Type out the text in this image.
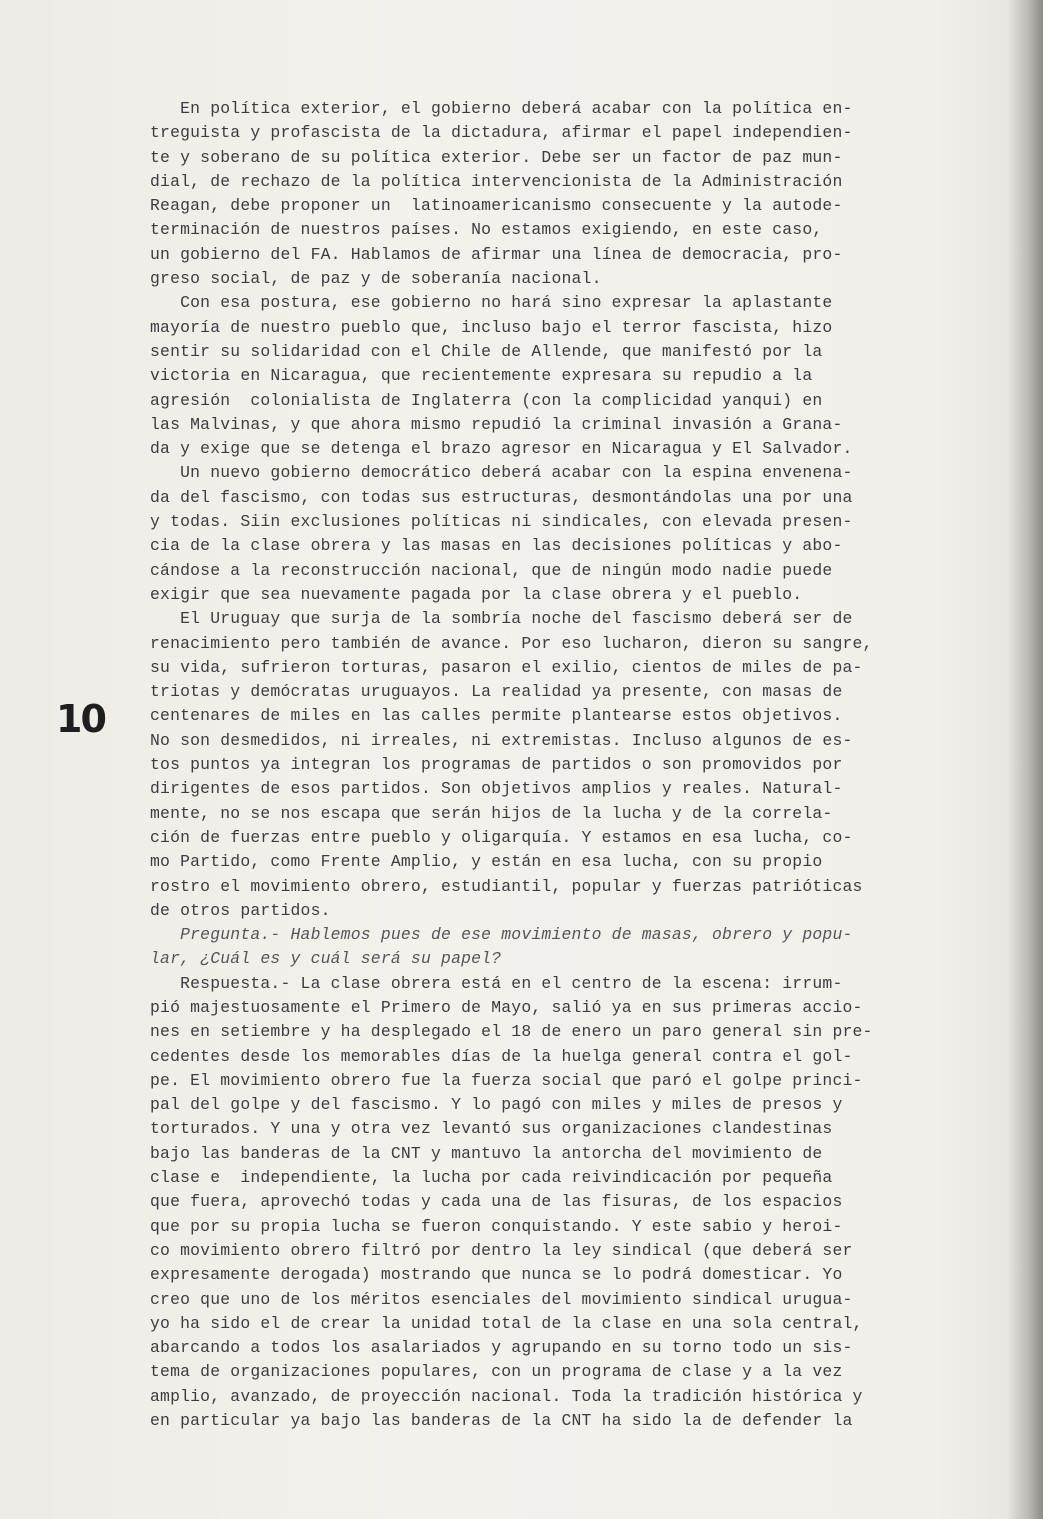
10
En política exterior, el gobierno deberá acabar con la política en-
treguista y profascista de la dictadura, afirmar el papel independien-
te y soberano de su política exterior. Debe ser un factor de paz mun-
dial, de rechazo de la política intervencionista de la Administración
Reagan, debe proponer un  latinoamericanismo consecuente y la autode-
terminación de nuestros países. No estamos exigiendo, en este caso,
un gobierno del FA. Hablamos de afirmar una línea de democracia, pro-
greso social, de paz y de soberanía nacional.
Con esa postura, ese gobierno no hará sino expresar la aplastante
mayoría de nuestro pueblo que, incluso bajo el terror fascista, hizo
sentir su solidaridad con el Chile de Allende, que manifestó por la
victoria en Nicaragua, que recientemente expresara su repudio a la
agresión  colonialista de Inglaterra (con la complicidad yanqui) en
las Malvinas, y que ahora mismo repudió la criminal invasión a Grana-
da y exige que se detenga el brazo agresor en Nicaragua y El Salvador.
Un nuevo gobierno democrático deberá acabar con la espina envenena-
da del fascismo, con todas sus estructuras, desmontándolas una por una
y todas. Siin exclusiones políticas ni sindicales, con elevada presen-
cia de la clase obrera y las masas en las decisiones políticas y abo-
cándose a la reconstrucción nacional, que de ningún modo nadie puede
exigir que sea nuevamente pagada por la clase obrera y el pueblo.
El Uruguay que surja de la sombría noche del fascismo deberá ser de
renacimiento pero también de avance. Por eso lucharon, dieron su sangre,
su vida, sufrieron torturas, pasaron el exilio, cientos de miles de pa-
triotas y demócratas uruguayos. La realidad ya presente, con masas de
centenares de miles en las calles permite plantearse estos objetivos.
No son desmedidos, ni irreales, ni extremistas. Incluso algunos de es-
tos puntos ya integran los programas de partidos o son promovidos por
dirigentes de esos partidos. Son objetivos amplios y reales. Natural-
mente, no se nos escapa que serán hijos de la lucha y de la correla-
ción de fuerzas entre pueblo y oligarquía. Y estamos en esa lucha, co-
mo Partido, como Frente Amplio, y están en esa lucha, con su propio
rostro el movimiento obrero, estudiantil, popular y fuerzas patrióticas
de otros partidos.
Pregunta.- Hablemos pues de ese movimiento de masas, obrero y popu-
lar, ¿Cuál es y cuál será su papel?
Respuesta.- La clase obrera está en el centro de la escena: irrum-
pió majestuosamente el Primero de Mayo, salió ya en sus primeras accio-
nes en setiembre y ha desplegado el 18 de enero un paro general sin pre-
cedentes desde los memorables días de la huelga general contra el gol-
pe. El movimiento obrero fue la fuerza social que paró el golpe princi-
pal del golpe y del fascismo. Y lo pagó con miles y miles de presos y
torturados. Y una y otra vez levantó sus organizaciones clandestinas
bajo las banderas de la CNT y mantuvo la antorcha del movimiento de
clase e  independiente, la lucha por cada reivindicación por pequeña
que fuera, aprovechó todas y cada una de las fisuras, de los espacios
que por su propia lucha se fueron conquistando. Y este sabio y heroi-
co movimiento obrero filtró por dentro la ley sindical (que deberá ser
expresamente derogada) mostrando que nunca se lo podrá domesticar. Yo
creo que uno de los méritos esenciales del movimiento sindical urugua-
yo ha sido el de crear la unidad total de la clase en una sola central,
abarcando a todos los asalariados y agrupando en su torno todo un sis-
tema de organizaciones populares, con un programa de clase y a la vez
amplio, avanzado, de proyección nacional. Toda la tradición histórica y
en particular ya bajo las banderas de la CNT ha sido la de defender la
